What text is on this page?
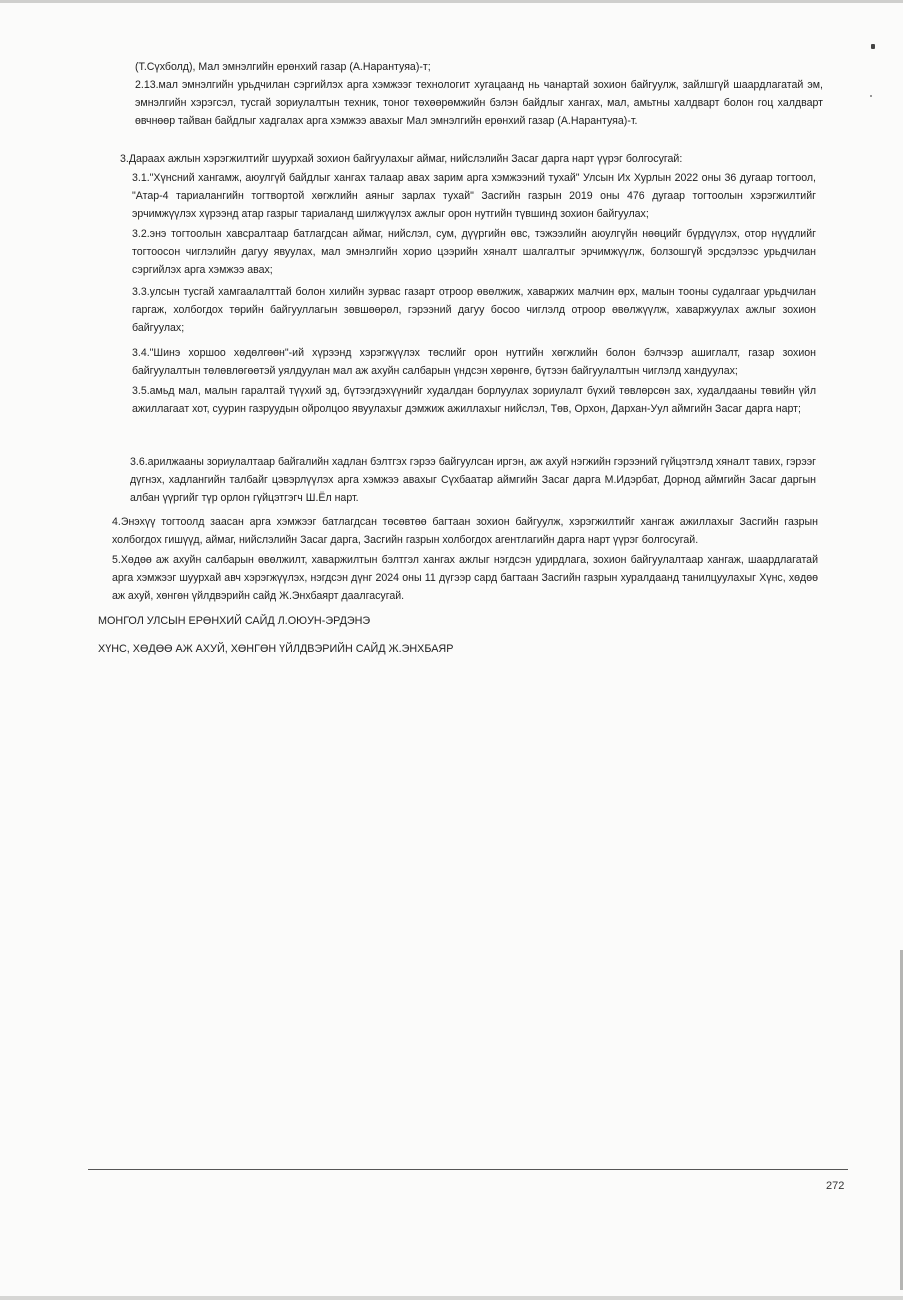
(Т.Сүхболд), Мал эмнэлгийн ерөнхий газар (А.Нарантуяа)-т;

2.13.мал эмнэлгийн урьдчилан сэргийлэх арга хэмжээг технологит хугацаанд нь чанартай зохион байгуулж, зайлшгүй шаардлагатай эм, эмнэлгийн хэрэгсэл, тусгай зориулалтын техник, тоног төхөөрөмжийн бэлэн байдлыг хангах, мал, амьтны халдварт болон гоц халдварт өвчнөөр тайван байдлыг хадгалах арга хэмжээ авахыг Мал эмнэлгийн ерөнхий газар (А.Нарантуяа)-т.

3.Дараах ажлын хэрэгжилтийг шуурхай зохион байгуулахыг аймаг, нийслэлийн Засаг дарга нарт үүрэг болгосугай:

3.1."Хүнсний хангамж, аюулгүй байдлыг хангах талаар авах зарим арга хэмжээний тухай" Улсын Их Хурлын 2022 оны 36 дугаар тогтоол, "Атар-4 тариалангийн тогтвортой хөгжлийн аяныг зарлах тухай" Засгийн газрын 2019 оны 476 дугаар тогтоолын хэрэгжилтийг эрчимжүүлэх хүрээнд атар газрыг тариаланд шилжүүлэх ажлыг орон нутгийн түвшинд зохион байгуулах;

3.2.энэ тогтоолын хавсралтаар батлагдсан аймаг, нийслэл, сум, дүүргийн өвс, тэжээлийн аюулгүйн нөөцийг бүрдүүлэх, отор нүүдлийг тогтоосон чиглэлийн дагуу явуулах, мал эмнэлгийн хорио цээрийн хяналт шалгалтыг эрчимжүүлж, болзошгүй эрсдэлээс урьдчилан сэргийлэх арга хэмжээ авах;

3.3.улсын тусгай хамгаалалттай болон хилийн зурвас газарт отроор өвөлжиж, хаваржих малчин өрх, малын тооны судалгааг урьдчилан гаргаж, холбогдох төрийн байгууллагын зөвшөөрөл, гэрээний дагуу босоо чиглэлд отроор өвөлжүүлж, хаваржуулах ажлыг зохион байгуулах;

3.4."Шинэ хоршоо хөдөлгөөн"-ий хүрээнд хэрэгжүүлэх төслийг орон нутгийн хөгжлийн болон бэлчээр ашиглалт, газар зохион байгуулалтын төлөвлөгөөтэй уялдуулан мал аж ахуйн салбарын үндсэн хөрөнгө, бүтээн байгуулалтын чиглэлд хандуулах;

3.5.амьд мал, малын гаралтай түүхий эд, бүтээгдэхүүнийг худалдан борлуулах зориулалт бүхий төвлөрсөн зах, худалдааны төвийн үйл ажиллагаат хот, суурин газруудын ойролцоо явуулахыг дэмжиж ажиллахыг нийслэл, Төв, Орхон, Дархан-Уул аймгийн Засаг дарга нарт;

3.6.арилжааны зориулалтаар байгалийн хадлан бэлтгэх гэрээ байгуулсан иргэн, аж ахуй нэгжийн гэрээний гүйцэтгэлд хяналт тавих, гэрээг дүгнэх, хадлангийн талбайг цэвэрлүүлэх арга хэмжээ авахыг Сүхбаатар аймгийн Засаг дарга М.Идэрбат, Дорнод аймгийн Засаг даргын албан үүргийг түр орлон гүйцэтгэгч Ш.Ёл нарт.

4.Энэхүү тогтоолд заасан арга хэмжээг батлагдсан төсөвтөө багтаан зохион байгуулж, хэрэгжилтийг хангаж ажиллахыг Засгийн газрын холбогдох гишүүд, аймаг, нийслэлийн Засаг дарга, Засгийн газрын холбогдох агентлагийн дарга нарт үүрэг болгосугай.

5.Хөдөө аж ахуйн салбарын өвөлжилт, хаваржилтын бэлтгэл хангах ажлыг нэгдсэн удирдлага, зохион байгуулалтаар хангаж, шаардлагатай арга хэмжээг шуурхай авч хэрэгжүүлэх, нэгдсэн дүнг 2024 оны 11 дүгээр сард багтаан Засгийн газрын хуралдаанд танилцуулахыг Хүнс, хөдөө аж ахуй, хөнгөн үйлдвэрийн сайд Ж.Энхбаярт даалгасугай.

МОНГОЛ УЛСЫН ЕРӨНХИЙ САЙД Л.ОЮУН-ЭРДЭНЭ
ХҮНС, ХӨДӨӨ АЖ АХУЙ, ХӨНГӨН ҮЙЛДВЭРИЙН САЙД Ж.ЭНХБАЯР
272
